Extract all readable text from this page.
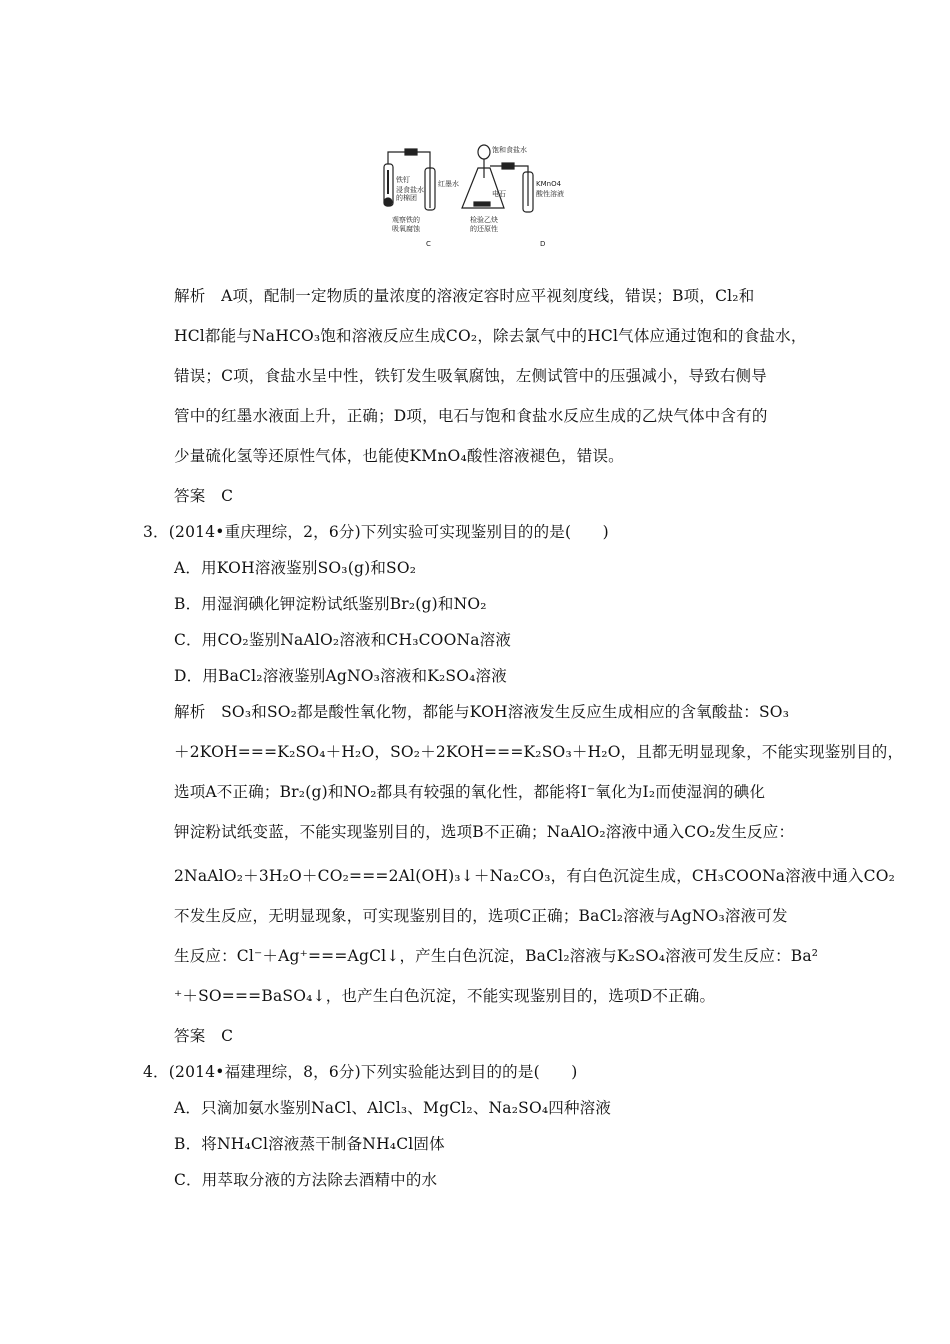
铁钉
浸食盐水
的棉团
红墨水
观察铁的
吸氧腐蚀
C
饱和食盐水
电石
KMnO4
酸性溶液
检验乙炔
的还原性
D
解析　A项，配制一定物质的量浓度的溶液定容时应平视刻度线，错误；B项，Cl₂和
HCl都能与NaHCO₃饱和溶液反应生成CO₂，除去氯气中的HCl气体应通过饱和的食盐水，
错误；C项，食盐水呈中性，铁钉发生吸氧腐蚀，左侧试管中的压强减小，导致右侧导
管中的红墨水液面上升，正确；D项，电石与饱和食盐水反应生成的乙炔气体中含有的
少量硫化氢等还原性气体，也能使KMnO₄酸性溶液褪色，错误。
答案　C
3．(2014•重庆理综，2，6分)下列实验可实现鉴别目的的是(　　)
A．用KOH溶液鉴别SO₃(g)和SO₂
B．用湿润碘化钾淀粉试纸鉴别Br₂(g)和NO₂
C．用CO₂鉴别NaAlO₂溶液和CH₃COONa溶液
D．用BaCl₂溶液鉴别AgNO₃溶液和K₂SO₄溶液
解析　SO₃和SO₂都是酸性氧化物，都能与KOH溶液发生反应生成相应的含氧酸盐：SO₃
＋2KOH===K₂SO₄＋H₂O，SO₂＋2KOH===K₂SO₃＋H₂O，且都无明显现象，不能实现鉴别目的，
选项A不正确；Br₂(g)和NO₂都具有较强的氧化性，都能将I⁻氧化为I₂而使湿润的碘化
钾淀粉试纸变蓝，不能实现鉴别目的，选项B不正确；NaAlO₂溶液中通入CO₂发生反应：
2NaAlO₂＋3H₂O＋CO₂===2Al(OH)₃↓＋Na₂CO₃，有白色沉淀生成，CH₃COONa溶液中通入CO₂
不发生反应，无明显现象，可实现鉴别目的，选项C正确；BaCl₂溶液与AgNO₃溶液可发
生反应：Cl⁻＋Ag⁺===AgCl↓，产生白色沉淀，BaCl₂溶液与K₂SO₄溶液可发生反应：Ba²
⁺＋SO===BaSO₄↓，也产生白色沉淀，不能实现鉴别目的，选项D不正确。
答案　C
4．(2014•福建理综，8，6分)下列实验能达到目的的是(　　)
A．只滴加氨水鉴别NaCl、AlCl₃、MgCl₂、Na₂SO₄四种溶液
B．将NH₄Cl溶液蒸干制备NH₄Cl固体
C．用萃取分液的方法除去酒精中的水
